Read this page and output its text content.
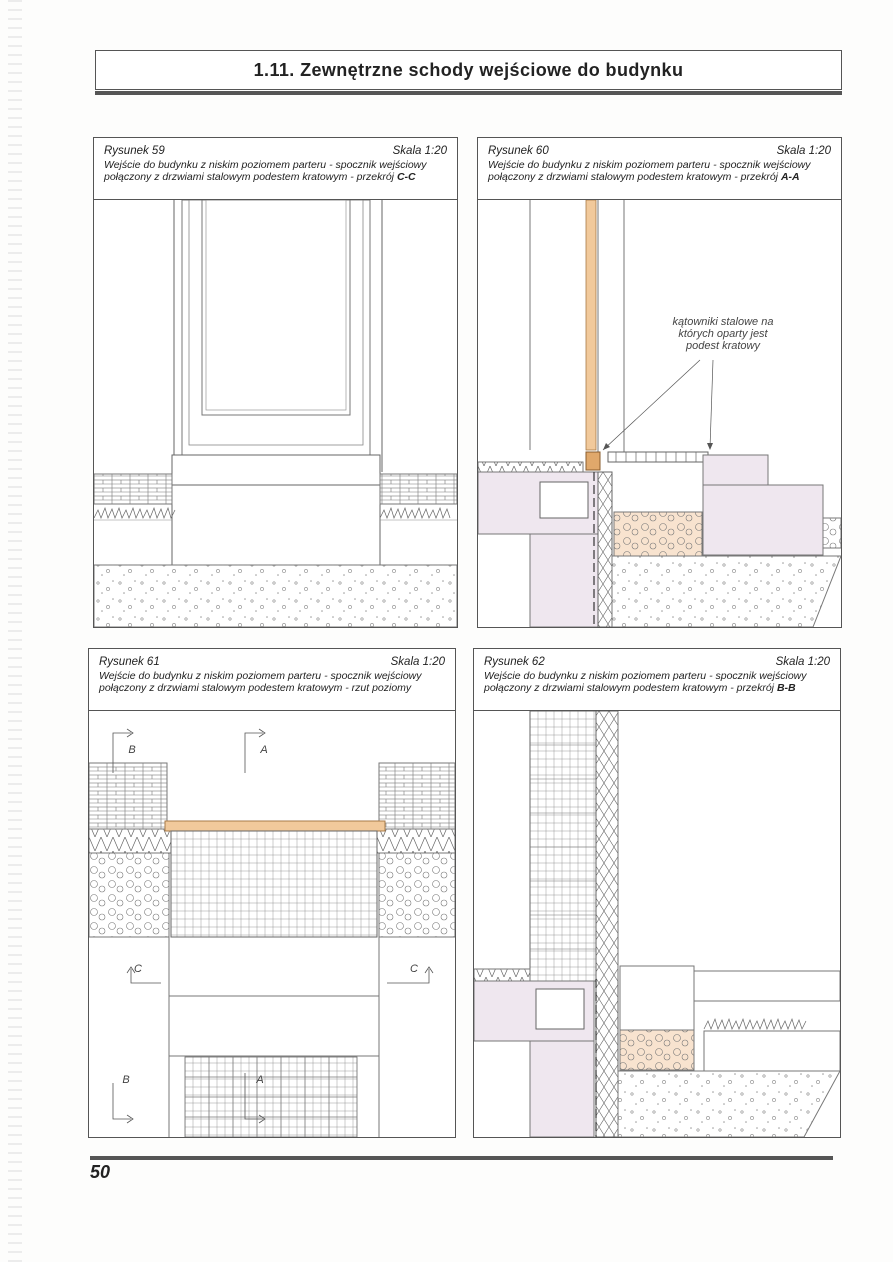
1.11. Zewnętrzne schody wejściowe do budynku
Rysunek 59	Skala 1:20
Wejście do budynku z niskim poziomem parteru - spocznik wejściowy
połączony z drzwiami stalowym podestem kratowym - przekrój C-C
Rysunek 60	Skala 1:20
Wejście do budynku z niskim poziomem parteru - spocznik wejściowy
połączony z drzwiami stalowym podestem kratowym - przekrój A-A
kątowniki stalowe na których oparty jest podest kratowy
Rysunek 61	Skala 1:20
Wejście do budynku z niskim poziomem parteru - spocznik wejściowy
połączony z drzwiami stalowym podestem kratowym - rzut poziomy
B	A
C	C
B	A
Rysunek 62	Skala 1:20
Wejście do budynku z niskim poziomem parteru - spocznik wejściowy
połączony z drzwiami stalowym podestem kratowym - przekrój B-B
50
